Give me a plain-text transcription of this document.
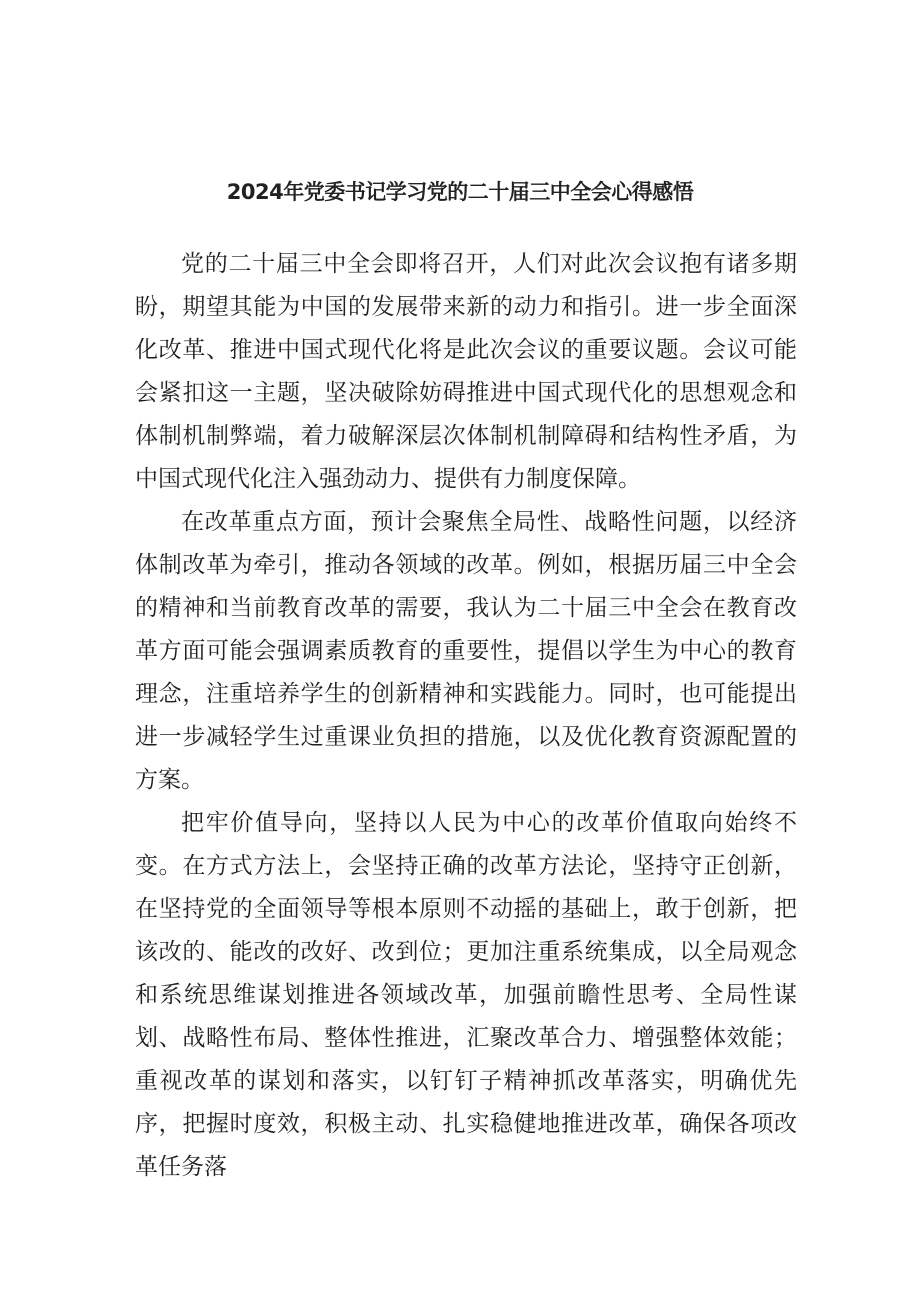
2024年党委书记学习党的二十届三中全会心得感悟

党的二十届三中全会即将召开，人们对此次会议抱有诸多期盼，期望其能为中国的发展带来新的动力和指引。进一步全面深化改革、推进中国式现代化将是此次会议的重要议题。会议可能会紧扣这一主题，坚决破除妨碍推进中国式现代化的思想观念和体制机制弊端，着力破解深层次体制机制障碍和结构性矛盾，为中国式现代化注入强劲动力、提供有力制度保障。

在改革重点方面，预计会聚焦全局性、战略性问题，以经济体制改革为牵引，推动各领域的改革。例如，根据历届三中全会的精神和当前教育改革的需要，我认为二十届三中全会在教育改革方面可能会强调素质教育的重要性，提倡以学生为中心的教育理念，注重培养学生的创新精神和实践能力。同时，也可能提出进一步减轻学生过重课业负担的措施，以及优化教育资源配置的方案。

把牢价值导向，坚持以人民为中心的改革价值取向始终不变。在方式方法上，会坚持正确的改革方法论，坚持守正创新，在坚持党的全面领导等根本原则不动摇的基础上，敢于创新，把该改的、能改的改好、改到位；更加注重系统集成，以全局观念和系统思维谋划推进各领域改革，加强前瞻性思考、全局性谋划、战略性布局、整体性推进，汇聚改革合力、增强整体效能；重视改革的谋划和落实，以钉钉子精神抓改革落实，明确优先序，把握时度效，积极主动、扎实稳健地推进改革，确保各项改革任务落
